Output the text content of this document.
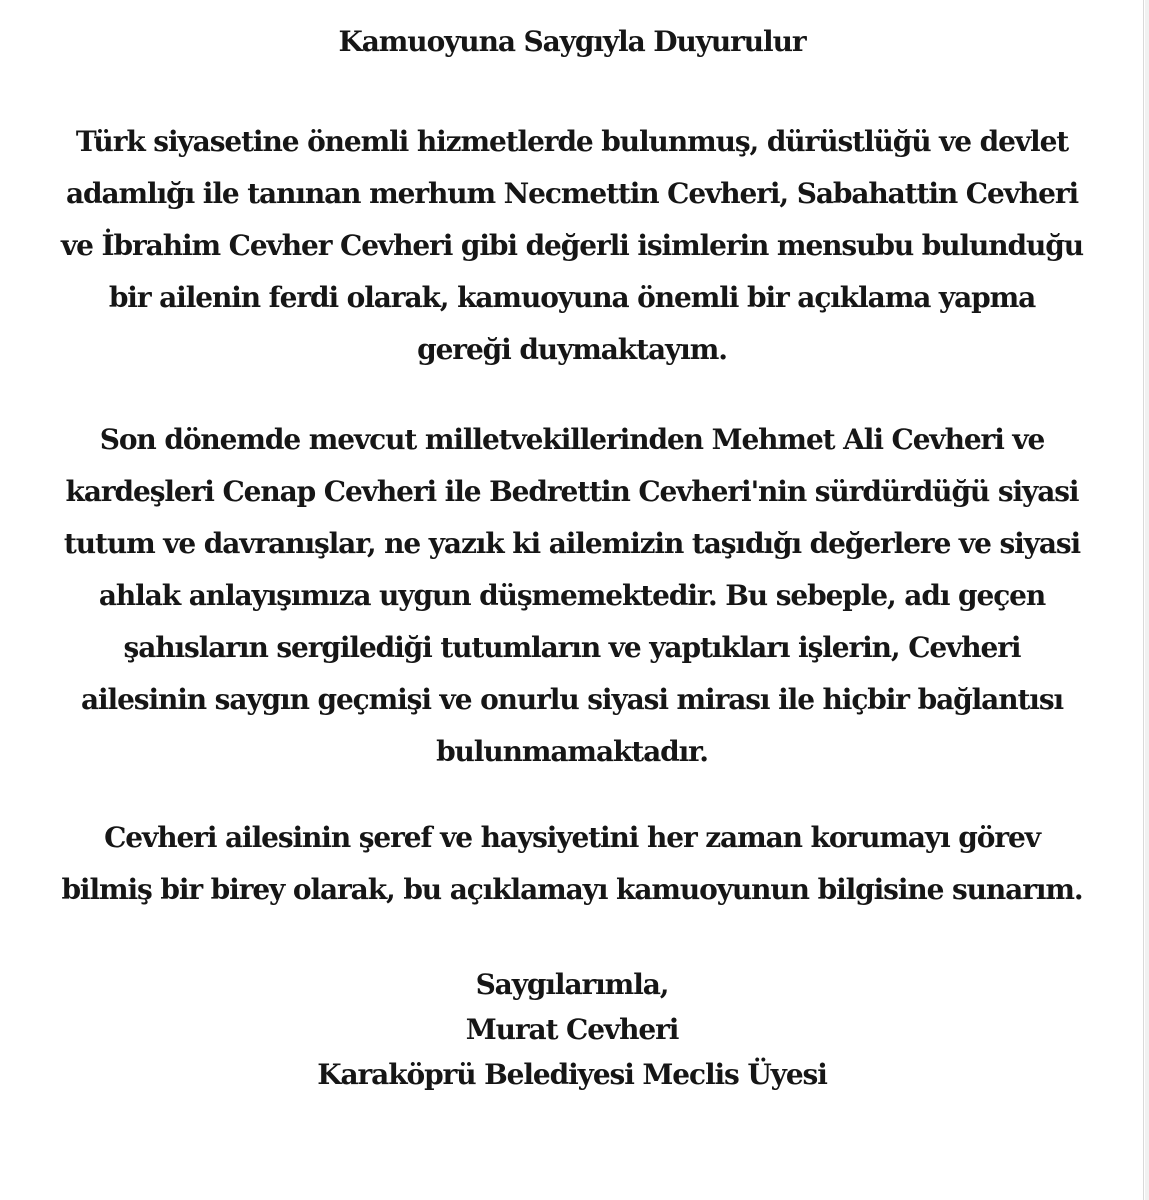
Kamuoyuna Saygıyla Duyurulur

Türk siyasetine önemli hizmetlerde bulunmuş, dürüstlüğü ve devlet
adamlığı ile tanınan merhum Necmettin Cevheri, Sabahattin Cevheri
ve İbrahim Cevher Cevheri gibi değerli isimlerin mensubu bulunduğu
bir ailenin ferdi olarak, kamuoyuna önemli bir açıklama yapma
gereği duymaktayım.

Son dönemde mevcut milletvekillerinden Mehmet Ali Cevheri ve
kardeşleri Cenap Cevheri ile Bedrettin Cevheri'nin sürdürdüğü siyasi
tutum ve davranışlar, ne yazık ki ailemizin taşıdığı değerlere ve siyasi
ahlak anlayışımıza uygun düşmemektedir. Bu sebeple, adı geçen
şahısların sergilediği tutumların ve yaptıkları işlerin, Cevheri
ailesinin saygın geçmişi ve onurlu siyasi mirası ile hiçbir bağlantısı
bulunmamaktadır.

Cevheri ailesinin şeref ve haysiyetini her zaman korumayı görev
bilmiş bir birey olarak, bu açıklamayı kamuoyunun bilgisine sunarım.

Saygılarımla,
Murat Cevheri
Karaköprü Belediyesi Meclis Üyesi
